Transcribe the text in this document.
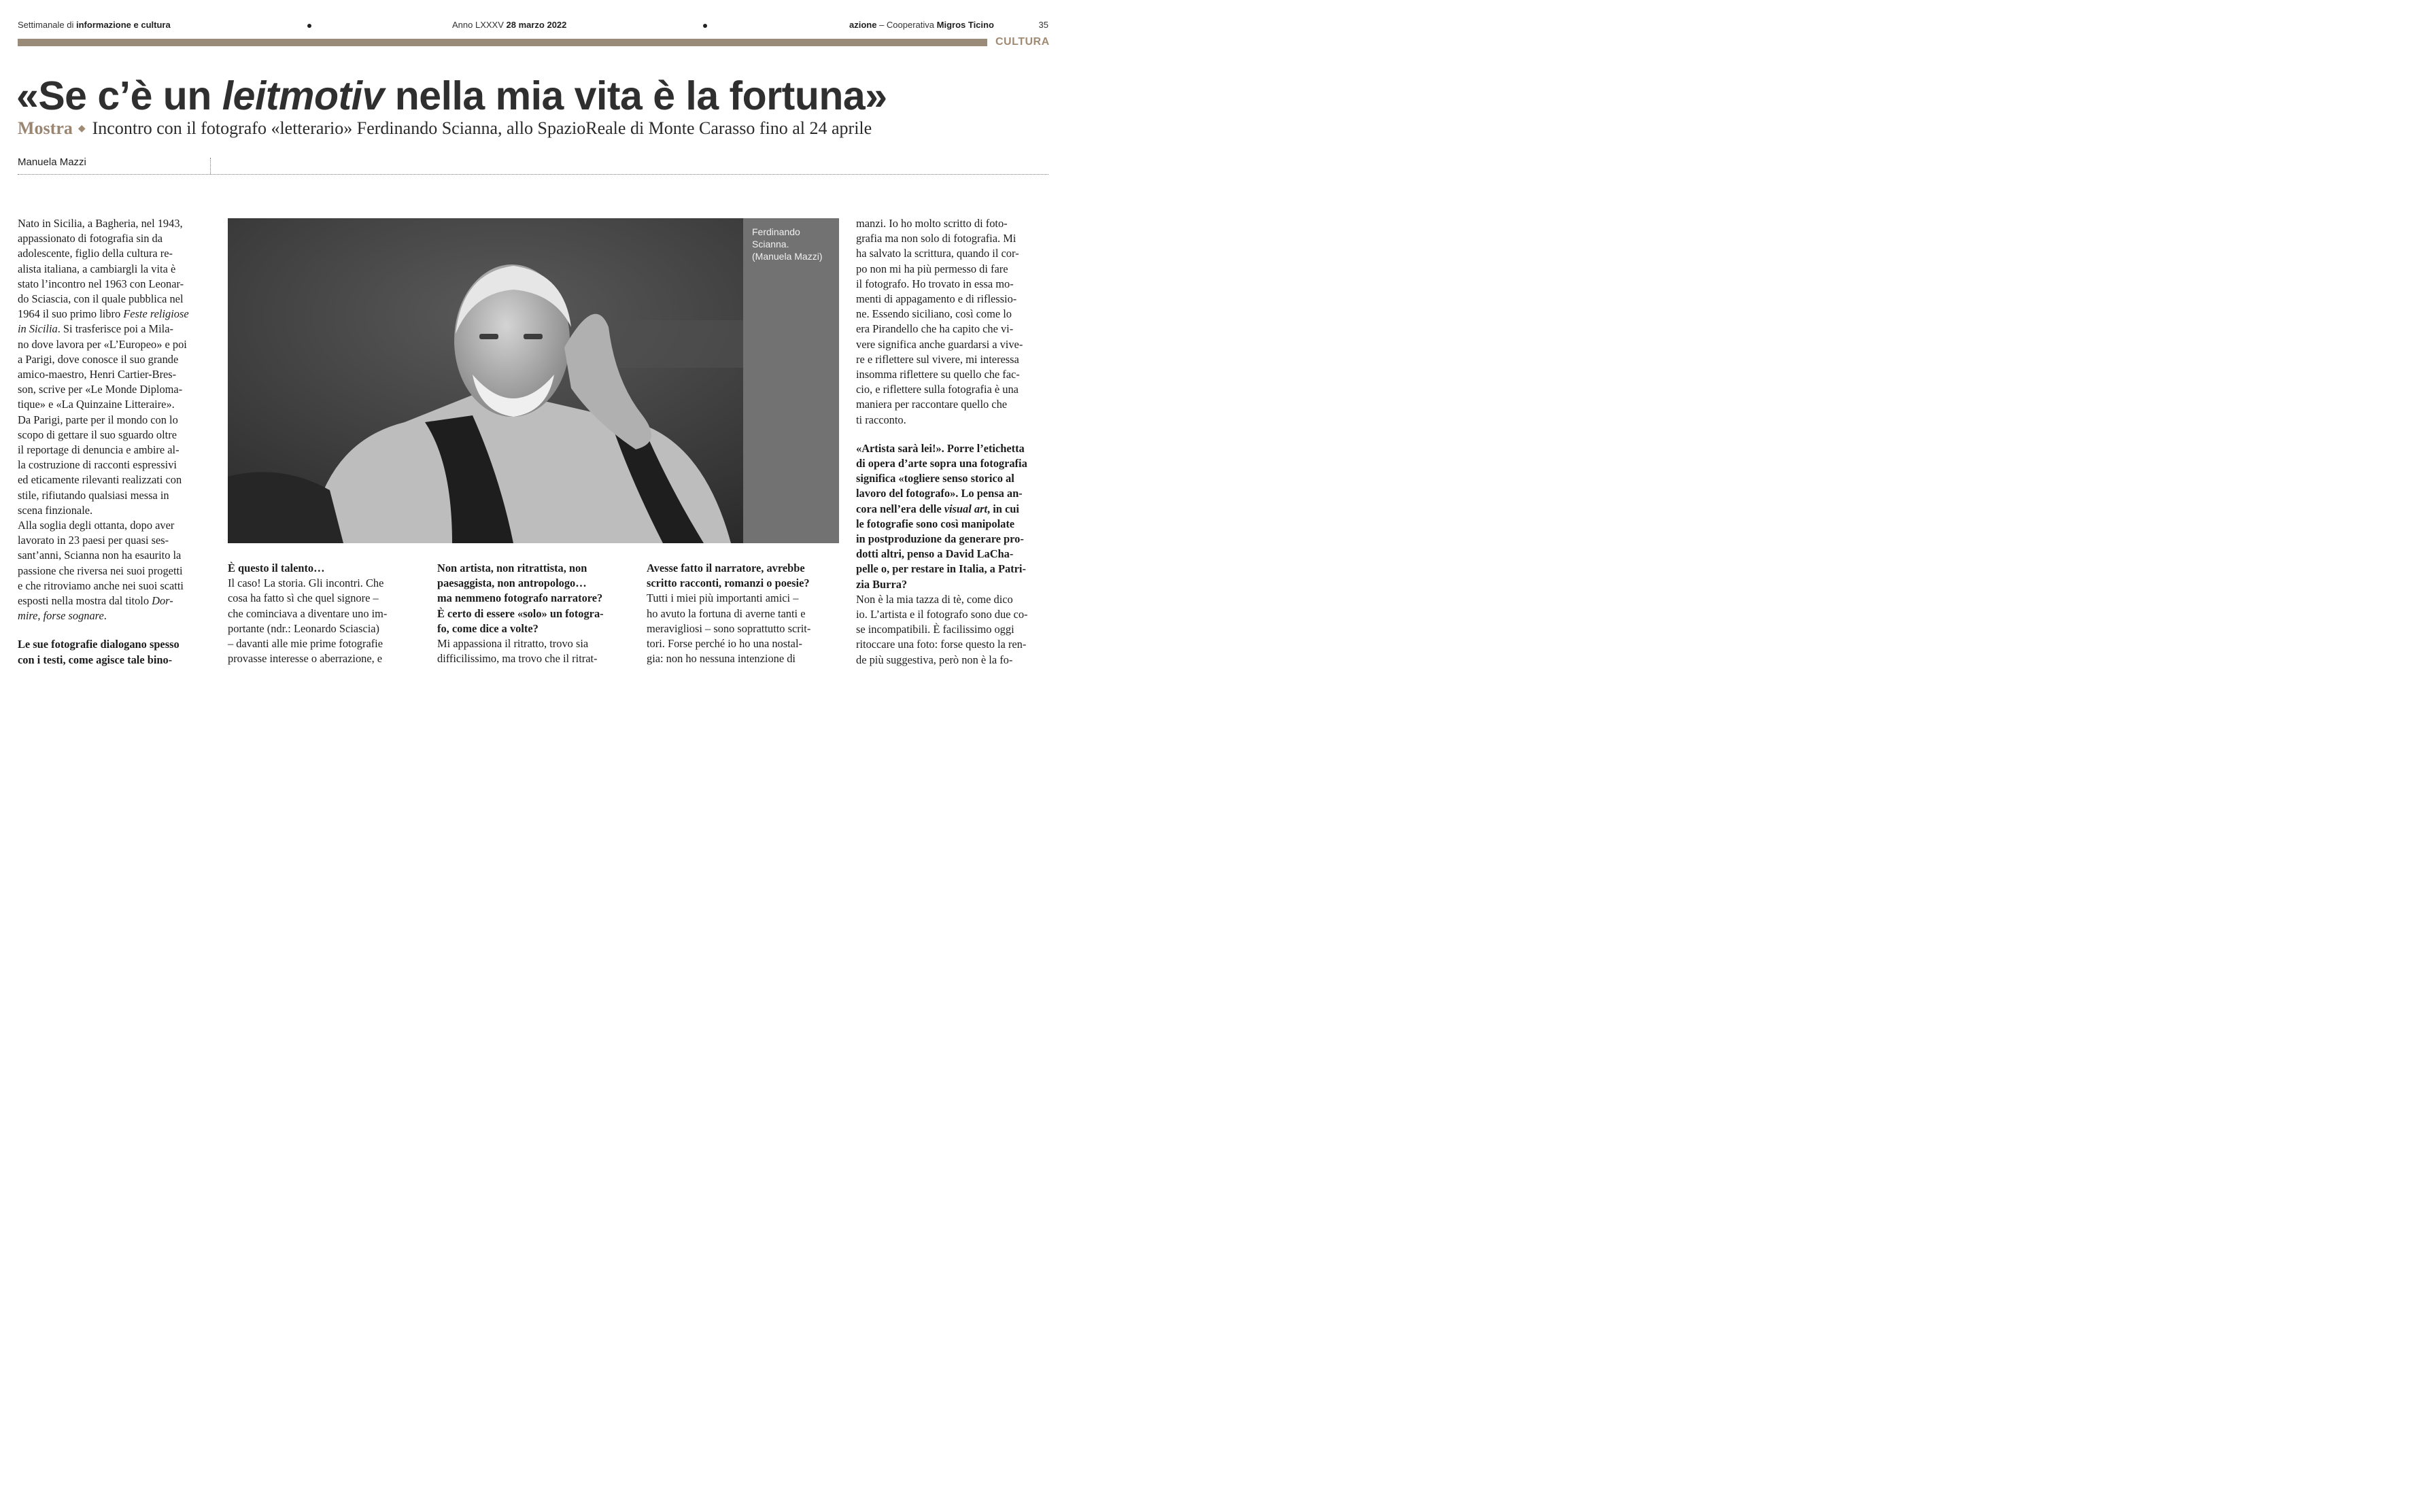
Settimanale di informazione e cultura	Anno LXXXV 28 marzo 2022	azione – Cooperativa Migros Ticino	35
CULTURA
«Se c’è un leitmotiv nella mia vita è la fortuna»
Mostra ◆ Incontro con il fotografo «letterario» Ferdinando Scianna, allo SpazioReale di Monte Carasso fino al 24 aprile
Manuela Mazzi

Nato in Sicilia, a Bagheria, nel 1943,
appassionato di fotografia sin da
adolescente, figlio della cultura re-
alista italiana, a cambiargli la vita è
stato l’incontro nel 1963 con Leonar-
do Sciascia, con il quale pubblica nel
1964 il suo primo libro Feste religiose
in Sicilia. Si trasferisce poi a Mila-
no dove lavora per «L’Europeo» e poi
a Parigi, dove conosce il suo grande
amico-maestro, Henri Cartier-Bres-
son, scrive per «Le Monde Diploma-
tique» e «La Quinzaine Litteraire».
Da Parigi, parte per il mondo con lo
scopo di gettare il suo sguardo oltre
il reportage di denuncia e ambire al-
la costruzione di racconti espressivi
ed eticamente rilevanti realizzati con
stile, rifiutando qualsiasi messa in
scena finzionale.

Alla soglia degli ottanta, dopo aver
lavorato in 23 paesi per quasi ses-
sant’anni, Scianna non ha esaurito la
passione che riversa nei suoi progetti
e che ritroviamo anche nei suoi scatti
esposti nella mostra dal titolo Dor-
mire, forse sognare.

Le sue fotografie dialogano spesso
con i testi, come agisce tale bino-

Ferdinando
Scianna.
(Manuela Mazzi)

È questo il talento…

Il caso! La storia. Gli incontri. Che
cosa ha fatto sì che quel signore –
che cominciava a diventare uno im-
portante (ndr.: Leonardo Sciascia)
– davanti alle mie prime fotografie
provasse interesse o aberrazione, e

Non artista, non ritrattista, non
paesaggista, non antropologo…
ma nemmeno fotografo narratore?
È certo di essere «solo» un fotogra-
fo, come dice a volte?

Mi appassiona il ritratto, trovo sia
difficilissimo, ma trovo che il ritrat-

Avesse fatto il narratore, avrebbe
scritto racconti, romanzi o poesie?

Tutti i miei più importanti amici –
ho avuto la fortuna di averne tanti e
meravigliosi – sono soprattutto scrit-
tori. Forse perché io ho una nostal-
gia: non ho nessuna intenzione di

manzi. Io ho molto scritto di foto-
grafia ma non solo di fotografia. Mi
ha salvato la scrittura, quando il cor-
po non mi ha più permesso di fare
il fotografo. Ho trovato in essa mo-
menti di appagamento e di riflessio-
ne. Essendo siciliano, così come lo
era Pirandello che ha capito che vi-
vere significa anche guardarsi a vive-
re e riflettere sul vivere, mi interessa
insomma riflettere su quello che fac-
cio, e riflettere sulla fotografia è una
maniera per raccontare quello che
ti racconto.

«Artista sarà lei!». Porre l’etichetta
di opera d’arte sopra una fotografia
significa «togliere senso storico al
lavoro del fotografo». Lo pensa an-
cora nell’era delle visual art, in cui
le fotografie sono così manipolate
in postproduzione da generare pro-
dotti altri, penso a David LaCha-
pelle o, per restare in Italia, a Patri-
zia Burra?

Non è la mia tazza di tè, come dico
io. L’artista e il fotografo sono due co-
se incompatibili. È facilissimo oggi
ritoccare una foto: forse questo la ren-
de più suggestiva, però non è la fo-
